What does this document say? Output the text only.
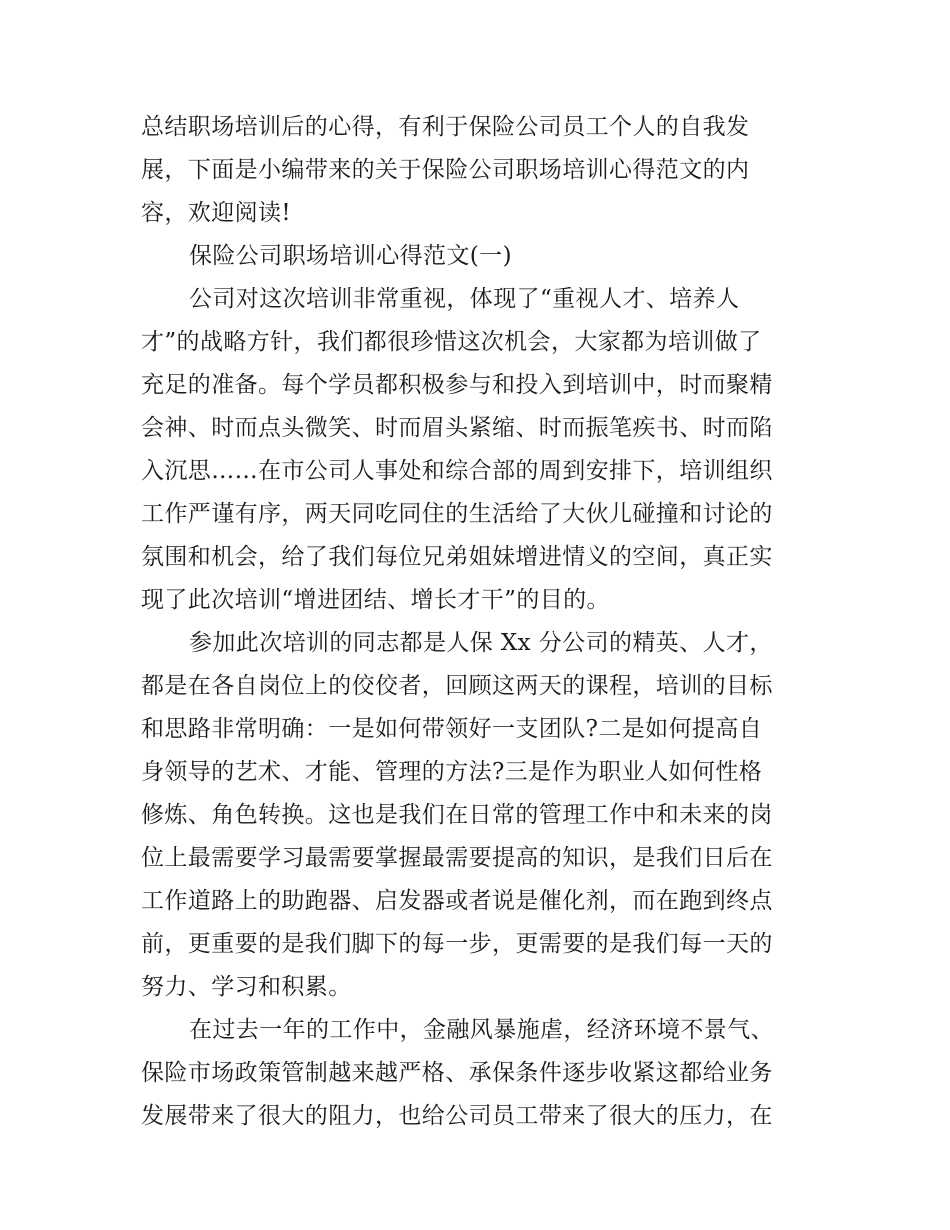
总结职场培训后的心得，有利于保险公司员工个人的自我发
展，下面是小编带来的关于保险公司职场培训心得范文的内
容，欢迎阅读!
保险公司职场培训心得范文(一)
公司对这次培训非常重视，体现了“重视人才、培养人
才”的战略方针，我们都很珍惜这次机会，大家都为培训做了
充足的准备。每个学员都积极参与和投入到培训中，时而聚精
会神、时而点头微笑、时而眉头紧缩、时而振笔疾书、时而陷
入沉思……在市公司人事处和综合部的周到安排下，培训组织
工作严谨有序，两天同吃同住的生活给了大伙儿碰撞和讨论的
氛围和机会，给了我们每位兄弟姐妹增进情义的空间，真正实
现了此次培训“增进团结、增长才干”的目的。
参加此次培训的同志都是人保 Xx 分公司的精英、人才，
都是在各自岗位上的佼佼者，回顾这两天的课程，培训的目标
和思路非常明确：一是如何带领好一支团队?二是如何提高自
身领导的艺术、才能、管理的方法?三是作为职业人如何性格
修炼、角色转换。这也是我们在日常的管理工作中和未来的岗
位上最需要学习最需要掌握最需要提高的知识，是我们日后在
工作道路上的助跑器、启发器或者说是催化剂，而在跑到终点
前，更重要的是我们脚下的每一步，更需要的是我们每一天的
努力、学习和积累。
在过去一年的工作中，金融风暴施虐，经济环境不景气、
保险市场政策管制越来越严格、承保条件逐步收紧这都给业务
发展带来了很大的阻力，也给公司员工带来了很大的压力，在
